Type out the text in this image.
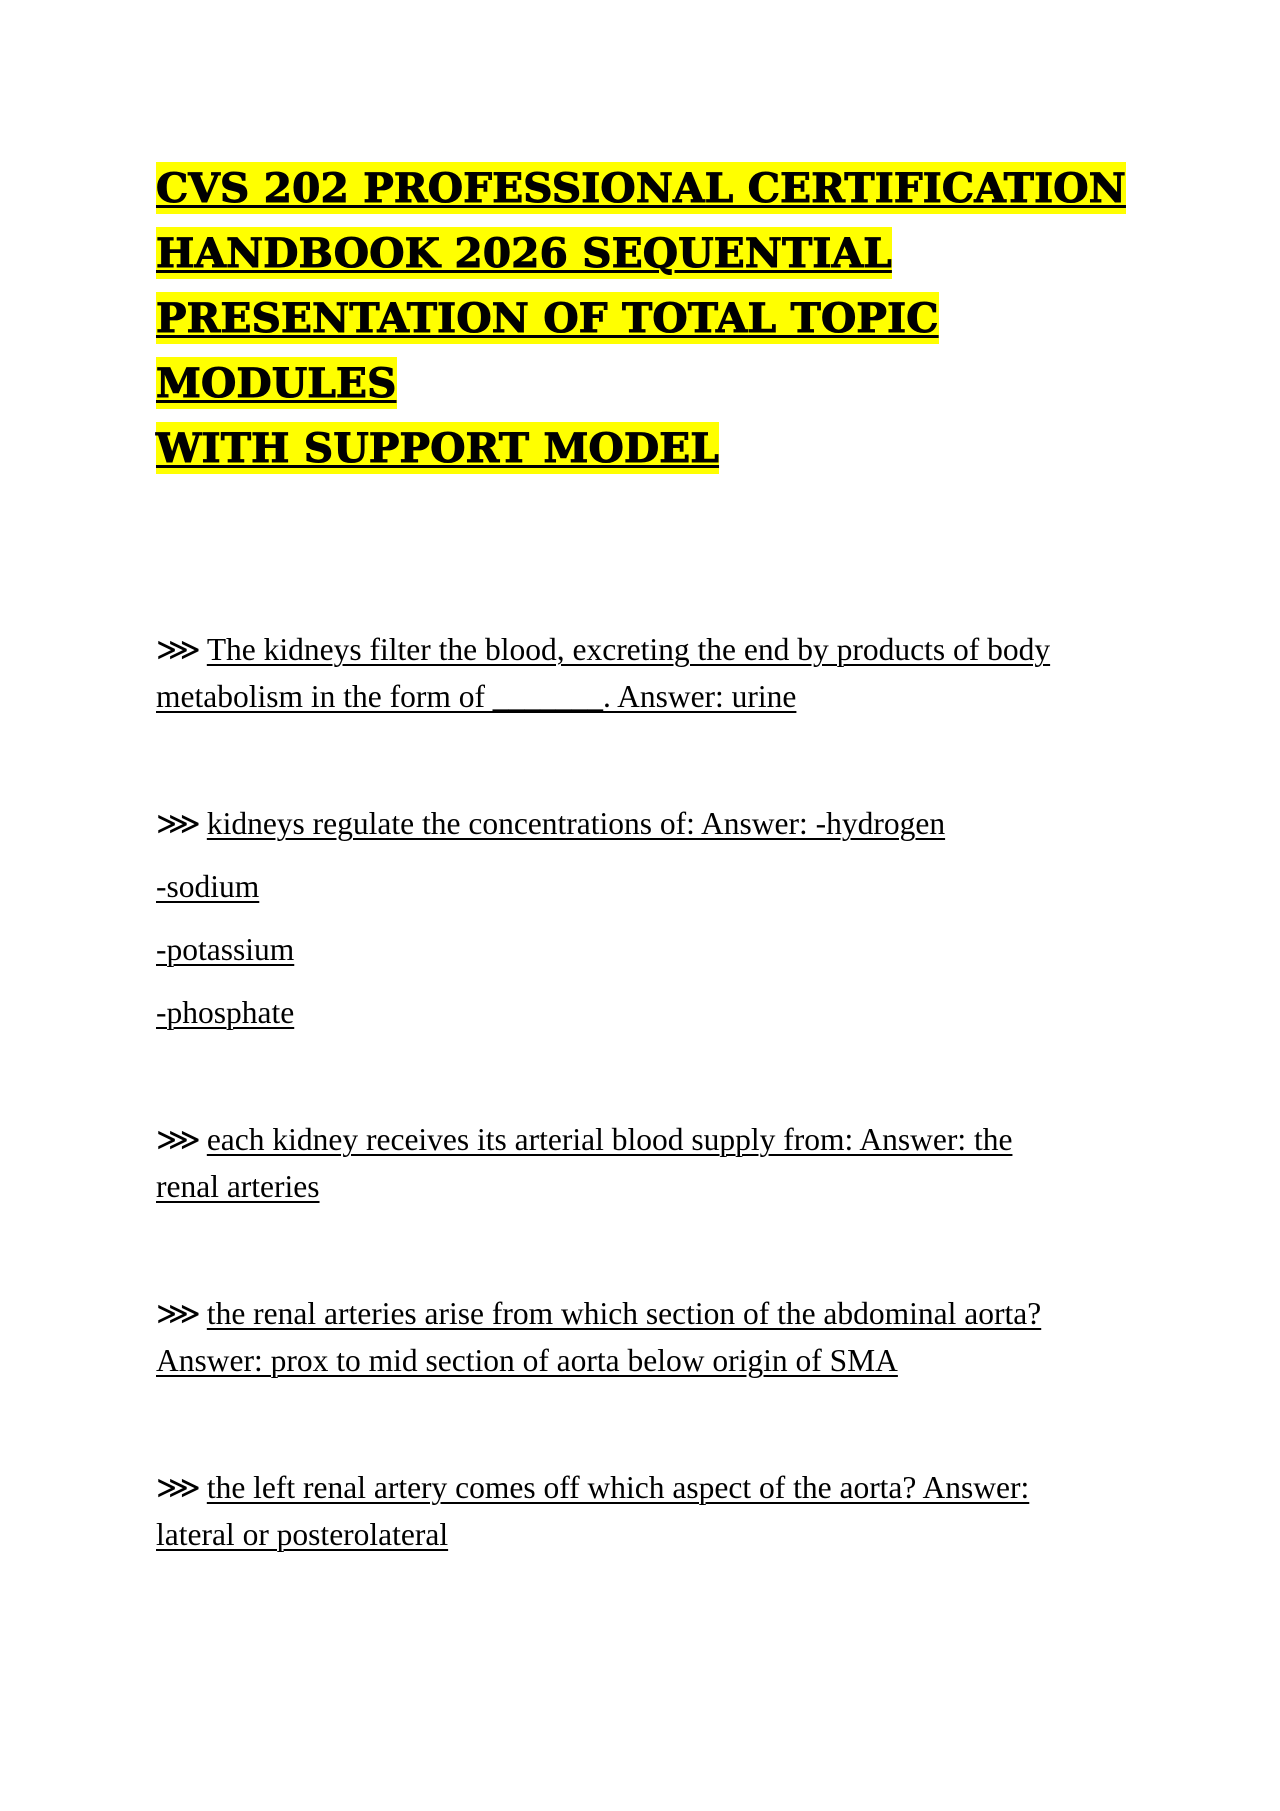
CVS 202 PROFESSIONAL CERTIFICATION
HANDBOOK 2026 SEQUENTIAL
PRESENTATION OF TOTAL TOPIC MODULES
WITH SUPPORT MODEL
⋙ The kidneys filter the blood, excreting the end by products of body
metabolism in the form of _______. Answer: urine
⋙ kidneys regulate the concentrations of: Answer: -hydrogen
-sodium
-potassium
-phosphate
⋙ each kidney receives its arterial blood supply from: Answer: the
renal arteries
⋙ the renal arteries arise from which section of the abdominal aorta?
Answer: prox to mid section of aorta below origin of SMA
⋙ the left renal artery comes off which aspect of the aorta? Answer:
lateral or posterolateral
